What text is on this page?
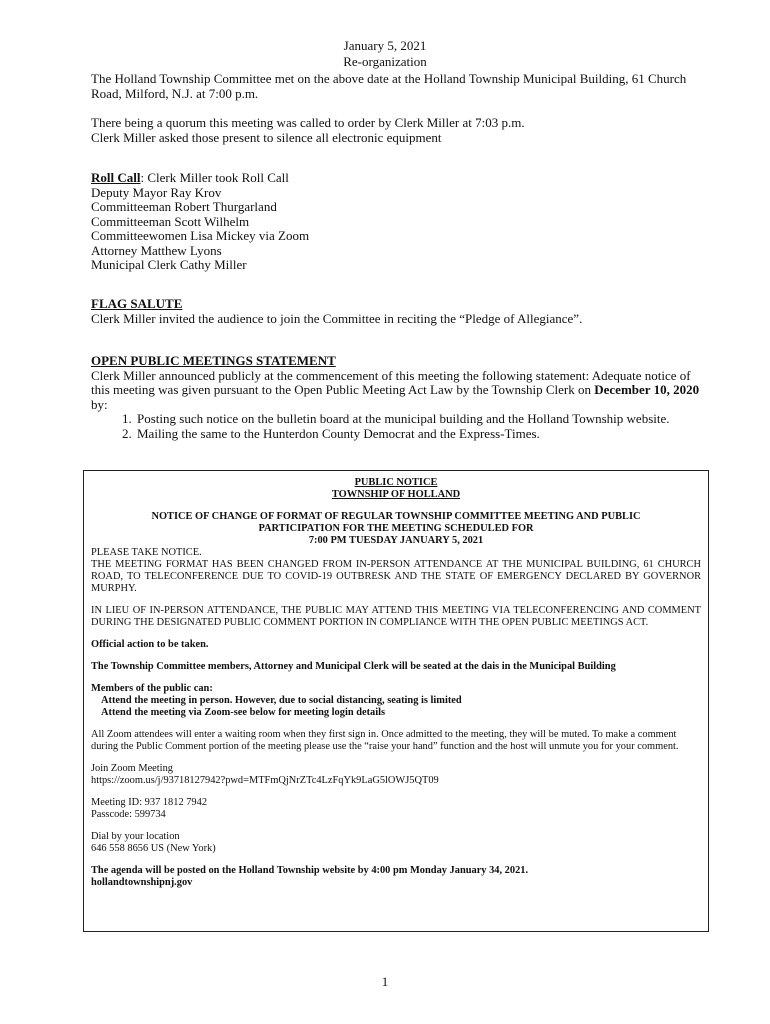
January 5, 2021
Re-organization
The Holland Township Committee met on the above date at the Holland Township Municipal Building, 61 Church Road, Milford, N.J. at 7:00 p.m.
There being a quorum this meeting was called to order by Clerk Miller at 7:03 p.m.
Clerk Miller asked those present to silence all electronic equipment
Roll Call: Clerk Miller took Roll Call
Deputy Mayor Ray Krov
Committeeman Robert Thurgarland
Committeeman Scott Wilhelm
Committeewomen Lisa Mickey via Zoom
Attorney Matthew Lyons
Municipal Clerk Cathy Miller
FLAG SALUTE
Clerk Miller invited the audience to join the Committee in reciting the “Pledge of Allegiance”.
OPEN PUBLIC MEETINGS STATEMENT
Clerk Miller announced publicly at the commencement of this meeting the following statement: Adequate notice of this meeting was given pursuant to the Open Public Meeting Act Law by the Township Clerk on December 10, 2020 by:
1. Posting such notice on the bulletin board at the municipal building and the Holland Township website.
2. Mailing the same to the Hunterdon County Democrat and the Express-Times.

PUBLIC NOTICE

TOWNSHIP OF HOLLAND

NOTICE OF CHANGE OF FORMAT OF REGULAR TOWNSHIP COMMITTEE MEETING AND PUBLIC

PARTICIPATION FOR THE MEETING SCHEDULED FOR

7:00 PM TUESDAY JANUARY 5, 2021

PLEASE TAKE NOTICE.

THE MEETING FORMAT HAS BEEN CHANGED FROM IN-PERSON ATTENDANCE AT THE MUNICIPAL BUILDING, 61 CHURCH ROAD, TO TELECONFERENCE DUE TO COVID-19 OUTBRESK AND THE STATE OF EMERGENCY DECLARED BY GOVERNOR MURPHY.

IN LIEU OF IN-PERSON ATTENDANCE, THE PUBLIC MAY ATTEND THIS MEETING VIA TELECONFERENCING AND COMMENT DURING THE DESIGNATED PUBLIC COMMENT PORTION IN COMPLIANCE WITH THE OPEN PUBLIC MEETINGS ACT.

Official action to be taken.

The Township Committee members, Attorney and Municipal Clerk will be seated at the dais in the Municipal Building

Members of the public can:

Attend the meeting in person. However, due to social distancing, seating is limited

Attend the meeting via Zoom-see below for meeting login details

All Zoom attendees will enter a waiting room when they first sign in. Once admitted to the meeting, they will be muted. To make a comment during the Public Comment portion of the meeting please use the “raise your hand” function and the host will unmute you for your comment.

Join Zoom Meeting

https://zoom.us/j/93718127942?pwd=MTFmQjNrZTc4LzFqYk9LaG5lOWJ5QT09

Meeting ID: 937 1812 7942

Passcode: 599734

Dial by your location

646 558 8656 US (New York)

The agenda will be posted on the Holland Township website by 4:00 pm Monday January 34, 2021.

hollandtownshipnj.gov

1
